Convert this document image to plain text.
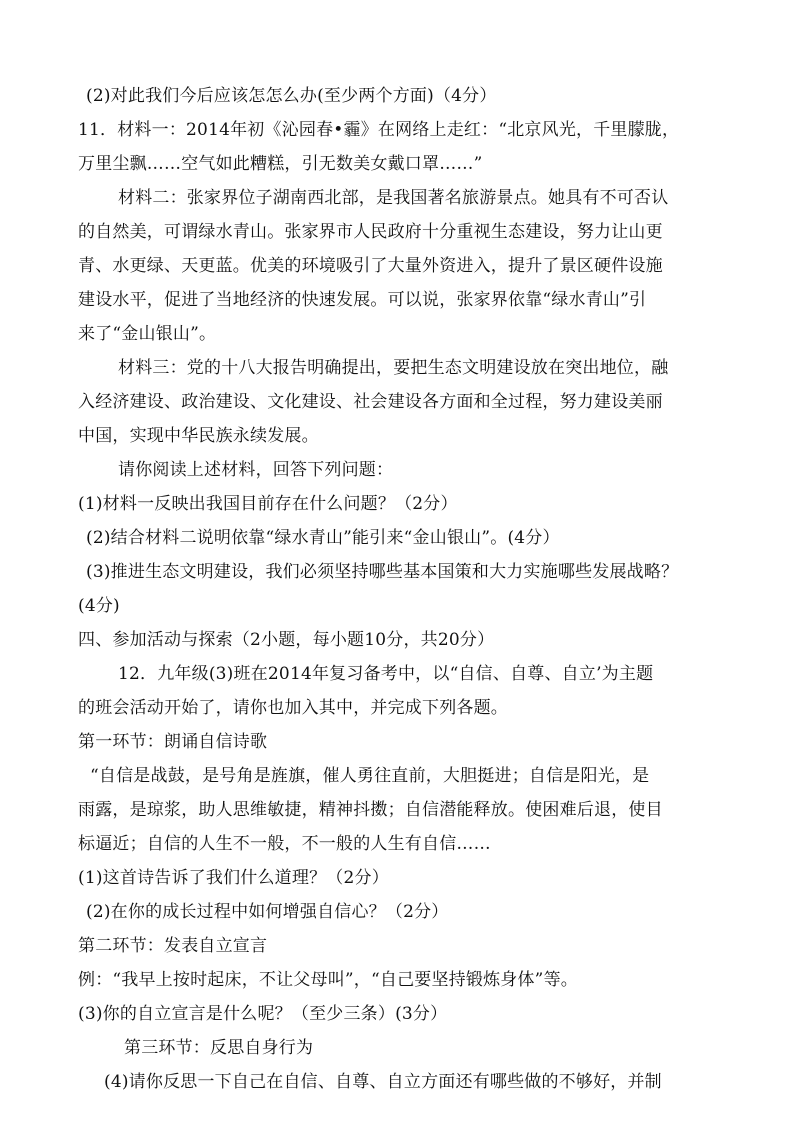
(2)对此我们今后应该怎怎么办(至少两个方面)（4分）
11．材料一：2014年初《沁园春•霾》在网络上走红：“北京风光，千里朦胧，
万里尘飘……空气如此糟糕，引无数美女戴口罩……”
材料二：张家界位子湖南西北部，是我国著名旅游景点。她具有不可否认
的自然美，可谓绿水青山。张家界市人民政府十分重视生态建设，努力让山更
青、水更绿、天更蓝。优美的环境吸引了大量外资进入，提升了景区硬件设施
建设水平，促进了当地经济的快速发展。可以说，张家界依靠“绿水青山”引
来了“金山银山”。
材料三：党的十八大报告明确提出，要把生态文明建设放在突出地位，融
入经济建设、政治建设、文化建设、社会建设各方面和全过程，努力建设美丽
中国，实现中华民族永续发展。
请你阅读上述材料，回答下列问题：
(1)材料一反映出我国目前存在什么问题？（2分）
(2)结合材料二说明依靠“绿水青山”能引来“金山银山”。(4分）
(3)推进生态文明建设，我们必须坚持哪些基本国策和大力实施哪些发展战略？
(4分)
四、参加活动与探索（2小题，每小题10分，共20分）
12．九年级(3)班在2014年复习备考中，以“自信、自尊、自立’为主题
的班会活动开始了，请你也加入其中，并完成下列各题。
第一环节：朗诵自信诗歌
“自信是战鼓，是号角是旌旗，催人勇往直前，大胆挺进；自信是阳光，是
雨露，是琼浆，助人思维敏捷，精神抖擞；自信潜能释放。使困难后退，使目
标逼近；自信的人生不一般，不一般的人生有自信……
(1)这首诗告诉了我们什么道理？（2分）
(2)在你的成长过程中如何增强自信心？（2分）
第二环节：发表自立宣言
例：“我早上按时起床，不让父母叫”，“自己要坚持锻炼身体”等。
(3)你的自立宣言是什么呢？（至少三条）(3分）
第三环节：反思自身行为
(4)请你反思一下自己在自信、自尊、自立方面还有哪些做的不够好，并制
